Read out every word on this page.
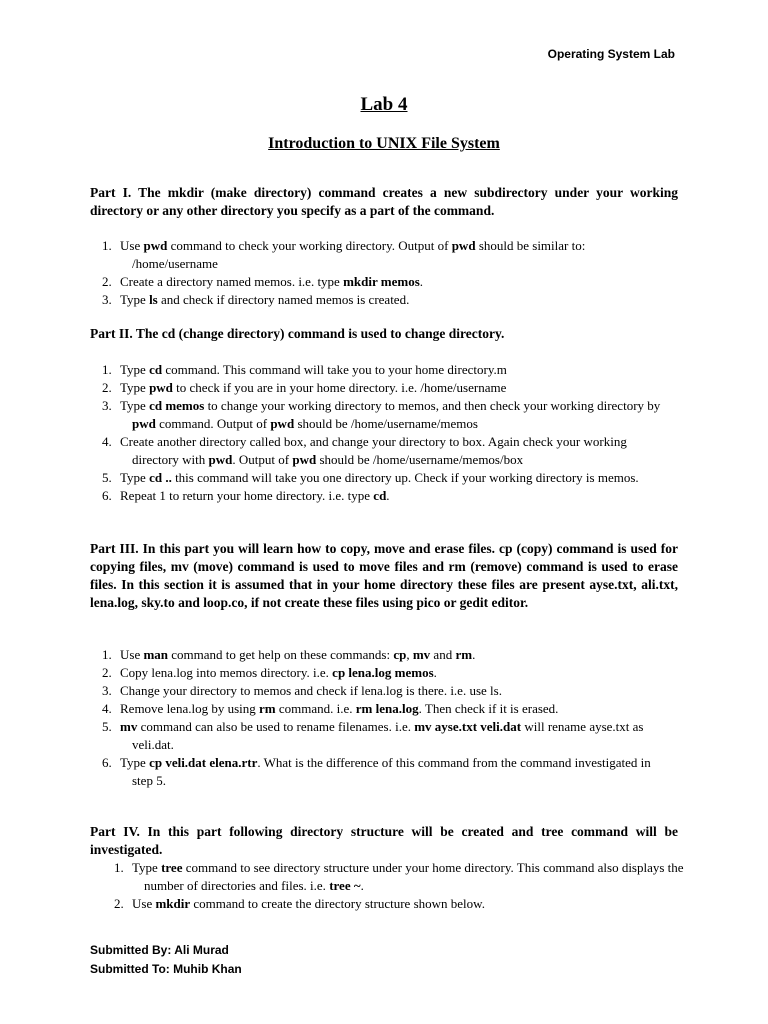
Operating System Lab
Lab 4
Introduction to UNIX File System
Part I. The mkdir (make directory) command creates a new subdirectory under your working directory or any other directory you specify as a part of the command.
1. Use pwd command to check your working directory. Output of pwd should be similar to: /home/username
2. Create a directory named memos. i.e. type mkdir memos.
3. Type ls and check if directory named memos is created.
Part II. The cd (change directory) command is used to change directory.
1. Type cd command. This command will take you to your home directory.m
2. Type pwd to check if you are in your home directory. i.e. /home/username
3. Type cd memos to change your working directory to memos, and then check your working directory by pwd command. Output of pwd should be /home/username/memos
4. Create another directory called box, and change your directory to box. Again check your working directory with pwd. Output of pwd should be /home/username/memos/box
5. Type cd .. this command will take you one directory up. Check if your working directory is memos.
6. Repeat 1 to return your home directory. i.e. type cd.
Part III. In this part you will learn how to copy, move and erase files. cp (copy) command is used for copying files, mv (move) command is used to move files and rm (remove) command is used to erase files. In this section it is assumed that in your home directory these files are present ayse.txt, ali.txt, lena.log, sky.to and loop.co, if not create these files using pico or gedit editor.
1. Use man command to get help on these commands: cp, mv and rm.
2. Copy lena.log into memos directory. i.e. cp lena.log memos.
3. Change your directory to memos and check if lena.log is there. i.e. use ls.
4. Remove lena.log by using rm command. i.e. rm lena.log. Then check if it is erased.
5. mv command can also be used to rename filenames. i.e. mv ayse.txt veli.dat will rename ayse.txt as veli.dat.
6. Type cp veli.dat elena.rtr. What is the difference of this command from the command investigated in step 5.
Part IV. In this part following directory structure will be created and tree command will be investigated.
1. Type tree command to see directory structure under your home directory. This command also displays the number of directories and files. i.e. tree ~.
2. Use mkdir command to create the directory structure shown below.
Submitted By: Ali Murad
Submitted To: Muhib Khan
